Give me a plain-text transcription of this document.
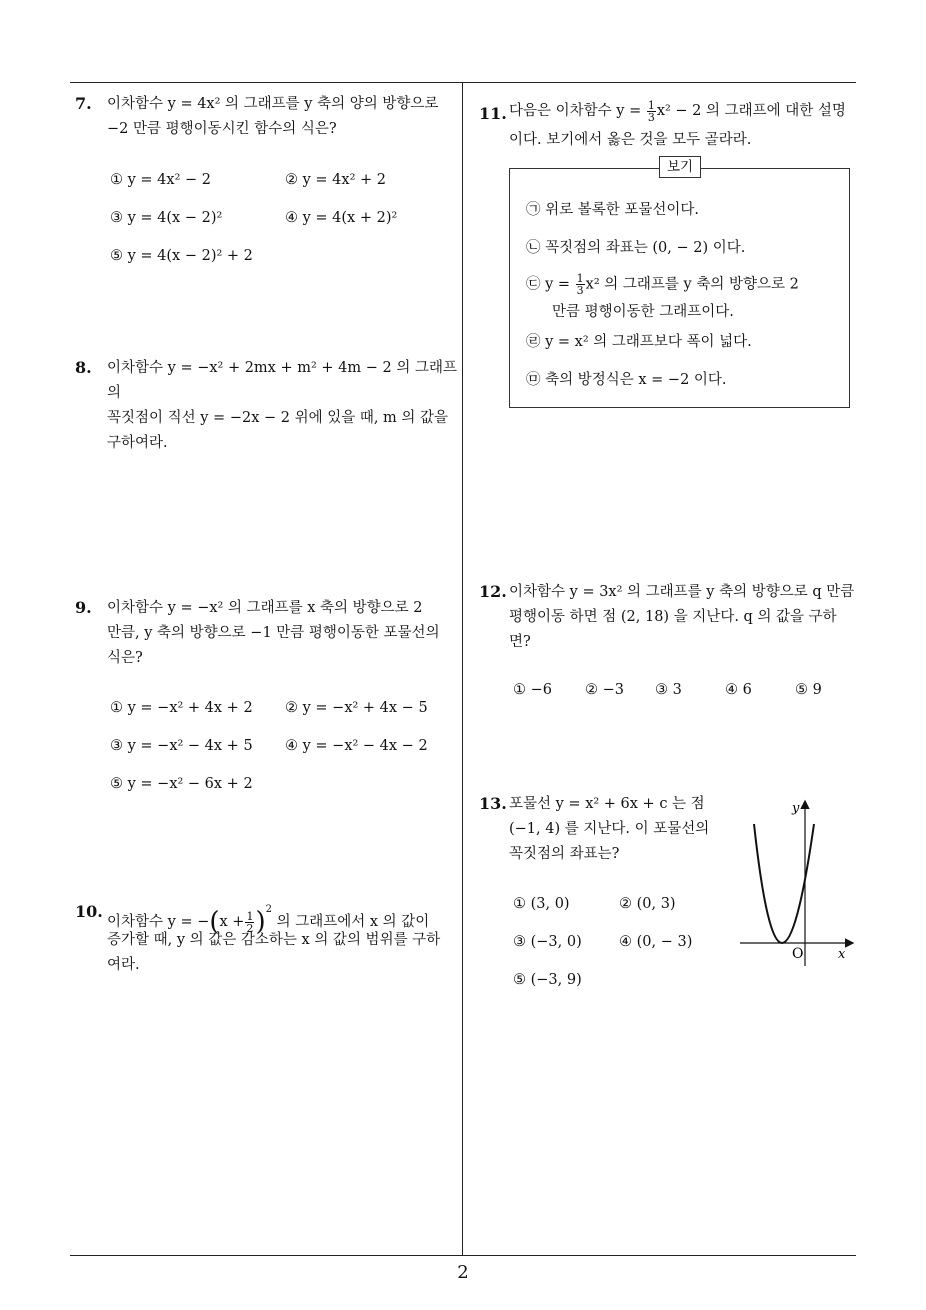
7. 이차함수 y = 4x² 의 그래프를 y 축의 양의 방향으로
−2 만큼 평행이동시킨 함수의 식은?
① y = 4x² − 2	② y = 4x² + 2
③ y = 4(x − 2)²	④ y = 4(x + 2)²
⑤ y = 4(x − 2)² + 2
8. 이차함수 y = −x² + 2mx + m² + 4m − 2 의 그래프의
꼭짓점이 직선 y = −2x − 2 위에 있을 때, m 의 값을
구하여라.
9. 이차함수 y = −x² 의 그래프를 x 축의 방향으로 2
만큼, y 축의 방향으로 −1 만큼 평행이동한 포물선의
식은?
① y = −x² + 4x + 2 ② y = −x² + 4x − 5
③ y = −x² − 4x + 5 ④ y = −x² − 4x − 2
⑤ y = −x² − 6x + 2
10.
이차함수 $y = -(x + \frac{1}{2} )^2$ 의 그래프에서 x 의 값이
증가할 때, y 의 값은 감소하는 x 의 값의 범위를 구하
여라.
11. 다음은 이차함수 $y = \frac{1}{3} x^2 - 2$ 의 그래프에 대한 설명
이다. 보기에서 옳은 것을 모두 골라라.
㉠ 위로 볼록한 포물선이다.
㉡ 꼭짓점의 좌표는 (0, − 2) 이다.
㉢ $y = \frac{1}{3} x^2$ 의 그래프를 y 축의 방향으로 2
만큼 평행이동한 그래프이다.
㉣ y = x² 의 그래프보다 폭이 넓다.
㉤ 축의 방정식은 x = −2 이다.
보기
12. 이차함수 y = 3x² 의 그래프를 y 축의 방향으로 q 만큼
평행이동 하면 점 (2, 18) 을 지난다. q 의 값을 구하
면?
① −6 ② −3 ③ 3	④ 6	⑤ 9
13. 포물선 y = x² + 6x + c 는 점
(−1, 4) 를 지난다. 이 포물선의
꼭짓점의 좌표는?
① (3, 0)	② (0, 3)
③ (−3, 0)	④ (0, − 3)
⑤ (−3, 9)
y
x
O
2
